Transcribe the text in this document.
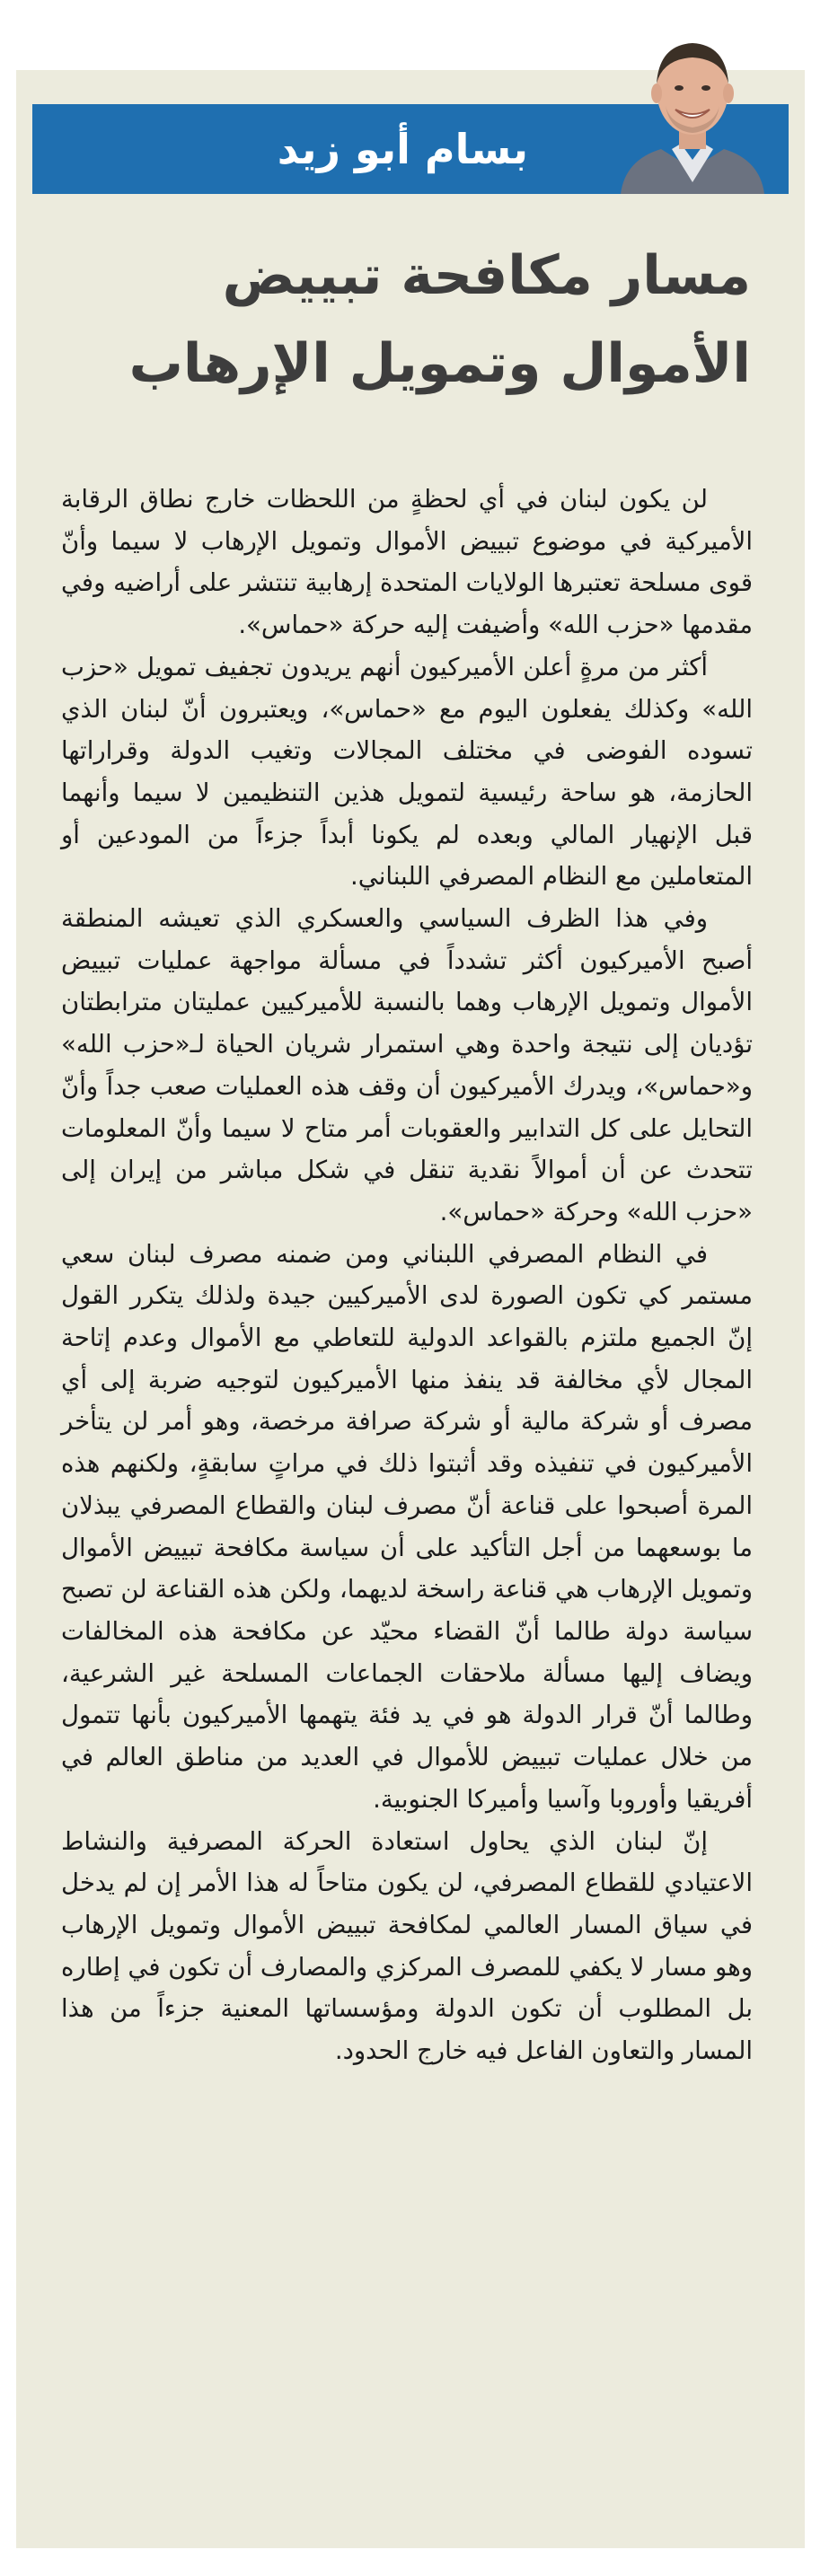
بسام أبو زيد
مسار مكافحة تبييض الأموال وتمويل الإرهاب

لن يكون لبنان في أي لحظةٍ من اللحظات خارج نطاق الرقابة الأميركية في موضوع تبييض الأموال وتمويل الإرهاب لا سيما وأنّ قوى مسلحة تعتبرها الولايات المتحدة إرهابية تنتشر على أراضيه وفي مقدمها «حزب الله» وأضيفت إليه حركة «حماس».

أكثر من مرةٍ أعلن الأميركيون أنهم يريدون تجفيف تمويل «حزب الله» وكذلك يفعلون اليوم مع «حماس»، ويعتبرون أنّ لبنان الذي تسوده الفوضى في مختلف المجالات وتغيب الدولة وقراراتها الحازمة، هو ساحة رئيسية لتمويل هذين التنظيمين لا سيما وأنهما قبل الإنهيار المالي وبعده لم يكونا أبداً جزءاً من المودعين أو المتعاملين مع النظام المصرفي اللبناني.

وفي هذا الظرف السياسي والعسكري الذي تعيشه المنطقة أصبح الأميركيون أكثر تشدداً في مسألة مواجهة عمليات تبييض الأموال وتمويل الإرهاب وهما بالنسبة للأميركيين عمليتان مترابطتان تؤديان إلى نتيجة واحدة وهي استمرار شريان الحياة لـ«حزب الله» و«حماس»، ويدرك الأميركيون أن وقف هذه العمليات صعب جداً وأنّ التحايل على كل التدابير والعقوبات أمر متاح لا سيما وأنّ المعلومات تتحدث عن أن أموالاً نقدية تنقل في شكل مباشر من إيران إلى «حزب الله» وحركة «حماس».

في النظام المصرفي اللبناني ومن ضمنه مصرف لبنان سعي مستمر كي تكون الصورة لدى الأميركيين جيدة ولذلك يتكرر القول إنّ الجميع ملتزم بالقواعد الدولية للتعاطي مع الأموال وعدم إتاحة المجال لأي مخالفة قد ينفذ منها الأميركيون لتوجيه ضربة إلى أي مصرف أو شركة مالية أو شركة صرافة مرخصة، وهو أمر لن يتأخر الأميركيون في تنفيذه وقد أثبتوا ذلك في مراتٍ سابقةٍ، ولكنهم هذه المرة أصبحوا على قناعة أنّ مصرف لبنان والقطاع المصرفي يبذلان ما بوسعهما من أجل التأكيد على أن سياسة مكافحة تبييض الأموال وتمويل الإرهاب هي قناعة راسخة لديهما، ولكن هذه القناعة لن تصبح سياسة دولة طالما أنّ القضاء محيّد عن مكافحة هذه المخالفات ويضاف إليها مسألة ملاحقات الجماعات المسلحة غير الشرعية، وطالما أنّ قرار الدولة هو في يد فئة يتهمها الأميركيون بأنها تتمول من خلال عمليات تبييض للأموال في العديد من مناطق العالم في أفريقيا وأوروبا وآسيا وأميركا الجنوبية.

إنّ لبنان الذي يحاول استعادة الحركة المصرفية والنشاط الاعتيادي للقطاع المصرفي، لن يكون متاحاً له هذا الأمر إن لم يدخل في سياق المسار العالمي لمكافحة تبييض الأموال وتمويل الإرهاب وهو مسار لا يكفي للمصرف المركزي والمصارف أن تكون في إطاره بل المطلوب أن تكون الدولة ومؤسساتها المعنية جزءاً من هذا المسار والتعاون الفاعل فيه خارج الحدود.
